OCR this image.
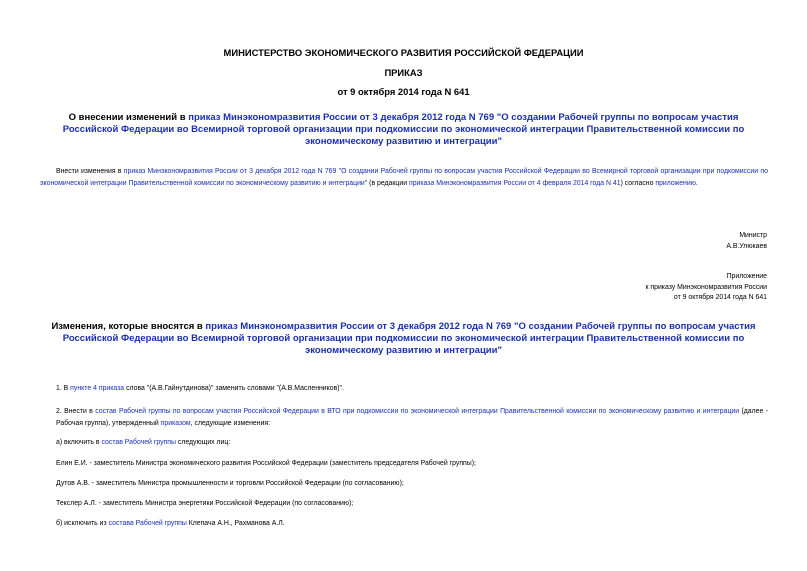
МИНИСТЕРСТВО ЭКОНОМИЧЕСКОГО РАЗВИТИЯ РОССИЙСКОЙ ФЕДЕРАЦИИ
ПРИКАЗ
от 9 октября 2014 года N 641
О внесении изменений в приказ Минэкономразвития России от 3 декабря 2012 года N 769 "О создании Рабочей группы по вопросам участия Российской Федерации во Всемирной торговой организации при подкомиссии по экономической интеграции Правительственной комиссии по экономическому развитию и интеграции"
Внести изменения в приказ Минэкономразвития России от 3 декабря 2012 года N 769 "О создании Рабочей группы по вопросам участия Российской Федерации во Всемирной торговой организации при подкомиссии по экономической интеграции Правительственной комиссии по экономическому развитию и интеграции" (в редакции приказа Минэкономразвития России от 4 февраля 2014 года N 41) согласно приложению.
Министр
А.В.Улюкаев
Приложение
к приказу Минэкономразвития России
от 9 октября 2014 года N 641
Изменения, которые вносятся в приказ Минэкономразвития России от 3 декабря 2012 года N 769 "О создании Рабочей группы по вопросам участия Российской Федерации во Всемирной торговой организации при подкомиссии по экономической интеграции Правительственной комиссии по экономическому развитию и интеграции"
1. В пункте 4 приказа слова "(А.В.Гайнутдинова)" заменить словами "(А.В.Масленников)".
2. Внести в состав Рабочей группы по вопросам участия Российской Федерации в ВТО при подкомиссии по экономической интеграции Правительственной комиссии по экономическому развитию и интеграции (далее - Рабочая группа), утвержденный приказом, следующие изменения:
а) включить в состав Рабочей группы следующих лиц:
Елин Е.И. - заместитель Министра экономического развития Российской Федерации (заместитель председателя Рабочей группы);
Дутов А.В. - заместитель Министра промышленности и торговли Российской Федерации (по согласованию);
Текслер А.Л. - заместитель Министра энергетики Российской Федерации (по согласованию);
б) исключить из состава Рабочей группы Клепача А.Н., Рахманова А.Л.
